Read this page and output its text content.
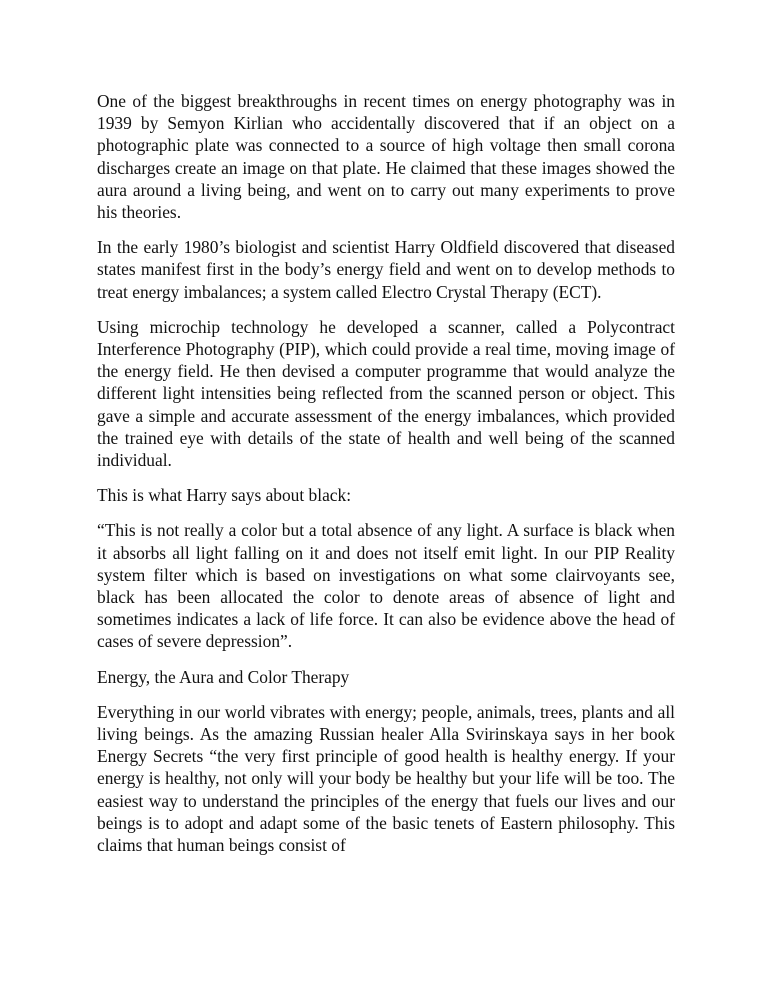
One of the biggest breakthroughs in recent times on energy photography was in 1939 by Semyon Kirlian who accidentally discovered that if an object on a photographic plate was connected to a source of high voltage then small corona discharges create an image on that plate. He claimed that these images showed the aura around a living being, and went on to carry out many experiments to prove his theories.

In the early 1980’s biologist and scientist Harry Oldfield discovered that diseased states manifest first in the body’s energy field and went on to develop methods to treat energy imbalances; a system called Electro Crystal Therapy (ECT).

Using microchip technology he developed a scanner, called a Polycontract Interference Photography (PIP), which could provide a real time, moving image of the energy field. He then devised a computer programme that would analyze the different light intensities being reflected from the scanned person or object. This gave a simple and accurate assessment of the energy imbalances, which provided the trained eye with details of the state of health and well being of the scanned individual.

This is what Harry says about black:

“This is not really a color but a total absence of any light. A surface is black when it absorbs all light falling on it and does not itself emit light. In our PIP Reality system filter which is based on investigations on what some clairvoyants see, black has been allocated the color to denote areas of absence of light and sometimes indicates a lack of life force. It can also be evidence above the head of cases of severe depression”.

Energy, the Aura and Color Therapy

Everything in our world vibrates with energy; people, animals, trees, plants and all living beings. As the amazing Russian healer Alla Svirinskaya says in her book Energy Secrets “the very first principle of good health is healthy energy. If your energy is healthy, not only will your body be healthy but your life will be too. The easiest way to understand the principles of the energy that fuels our lives and our beings is to adopt and adapt some of the basic tenets of Eastern philosophy. This claims that human beings consist of
